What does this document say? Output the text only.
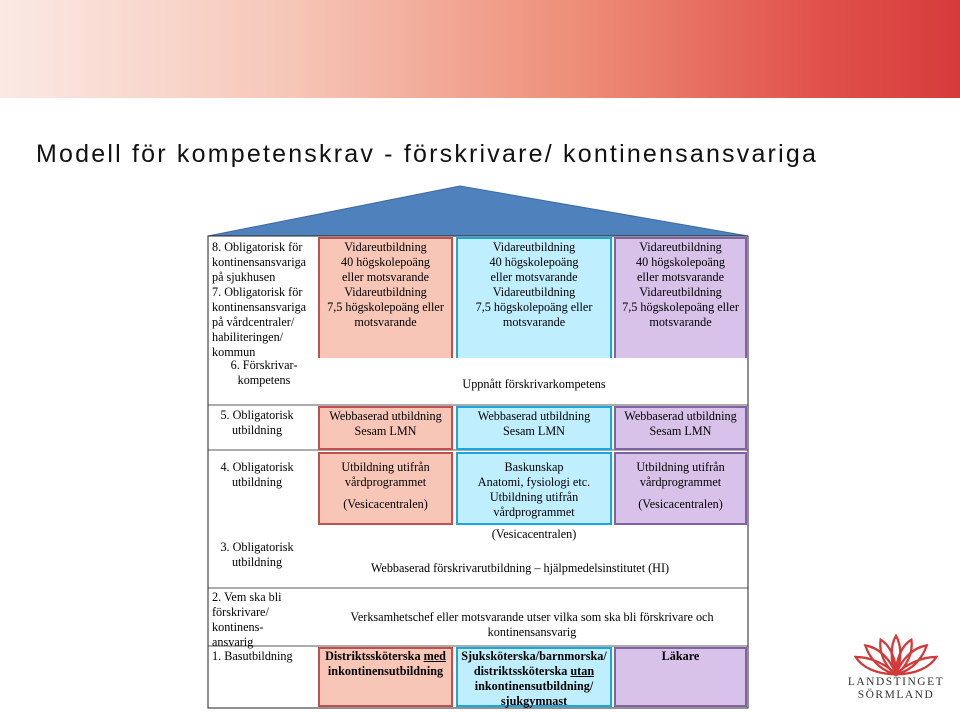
Modell för kompetenskrav - förskrivare/ kontinensansvariga
8. Obligatorisk för kontinensansvariga på sjukhusen
7. Obligatorisk för kontinensansvariga på vårdcentraler/ habiliteringen/ kommun
6. Förskrivar-kompetens
5. Obligatorisk utbildning
4. Obligatorisk utbildning
3. Obligatorisk utbildning
2. Vem ska bli förskrivare/ kontinens-ansvarig
1. Basutbildning
Vidareutbildning
40 högskolepoäng
eller motsvarande
Vidareutbildning
7,5 högskolepoäng eller
motsvarande
Vidareutbildning
40 högskolepoäng
eller motsvarande
Vidareutbildning
7,5 högskolepoäng eller
motsvarande
Vidareutbildning
40 högskolepoäng
eller motsvarande
Vidareutbildning
7,5 högskolepoäng eller
motsvarande
Uppnått förskrivarkompetens
Webbaserad utbildning
Sesam LMN
Webbaserad utbildning
Sesam LMN
Webbaserad utbildning
Sesam LMN
Utbildning utifrån
vårdprogrammet
(Vesicacentralen)
Baskunskap
Anatomi, fysiologi etc.
Utbildning utifrån
vårdprogrammet
(Vesicacentralen)
Utbildning utifrån
vårdprogrammet
(Vesicacentralen)
Webbaserad förskrivarutbildning – hjälpmedelsinstitutet (HI)
Verksamhetschef eller motsvarande utser vilka som ska bli förskrivare och
kontinensansvarig
Distriktssköterska med
inkontinensutbildning
Sjuksköterska/barnmorska/
distriktssköterska utan
inkontinensutbildning/
sjukgymnast
Läkare
LANDSTINGET
SÖRMLAND
